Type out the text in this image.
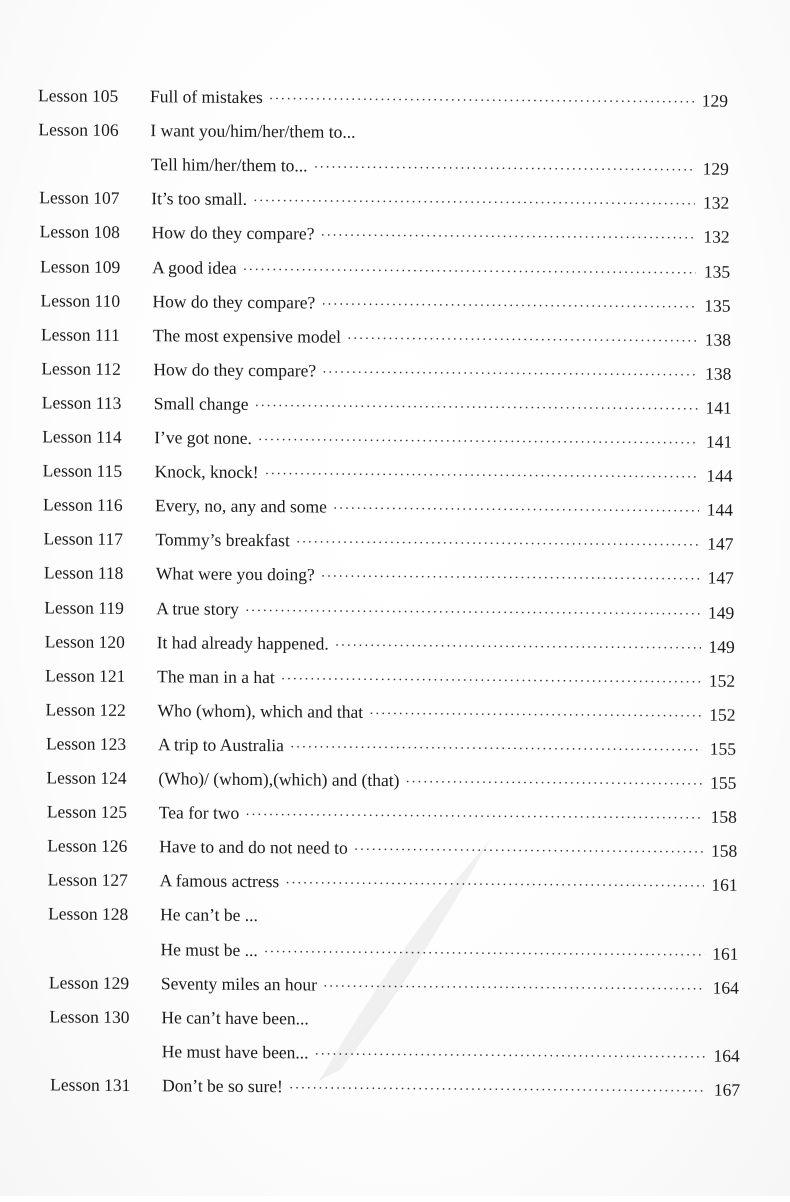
Lesson 105	Full of mistakes ·····	129
Lesson 106	I want you/him/her/them to...
Tell him/her/them to... ·····	129
Lesson 107	It’s too small. ·····	132
Lesson 108	How do they compare? ·····	132
Lesson 109	A good idea ·····	135
Lesson 110	How do they compare? ·····	135
Lesson 111	The most expensive model ·····	138
Lesson 112	How do they compare? ·····	138
Lesson 113	Small change ·····	141
Lesson 114	I’ve got none. ·····	141
Lesson 115	Knock, knock! ·····	144
Lesson 116	Every, no, any and some ·····	144
Lesson 117	Tommy’s breakfast ·····	147
Lesson 118	What were you doing? ·····	147
Lesson 119	A true story ·····	149
Lesson 120	It had already happened. ·····	149
Lesson 121	The man in a hat ·····	152
Lesson 122	Who (whom), which and that ·····	152
Lesson 123	A trip to Australia ·····	155
Lesson 124	(Who)/ (whom),(which) and (that) ·····	155
Lesson 125	Tea for two ·····	158
Lesson 126	Have to and do not need to ·····	158
Lesson 127	A famous actress ·····	161
Lesson 128	He can’t be ...
He must be ... ·····	161
Lesson 129	Seventy miles an hour ·····	164
Lesson 130	He can’t have been...
He must have been... ·····	164
Lesson 131	Don’t be so sure! ·····	167
